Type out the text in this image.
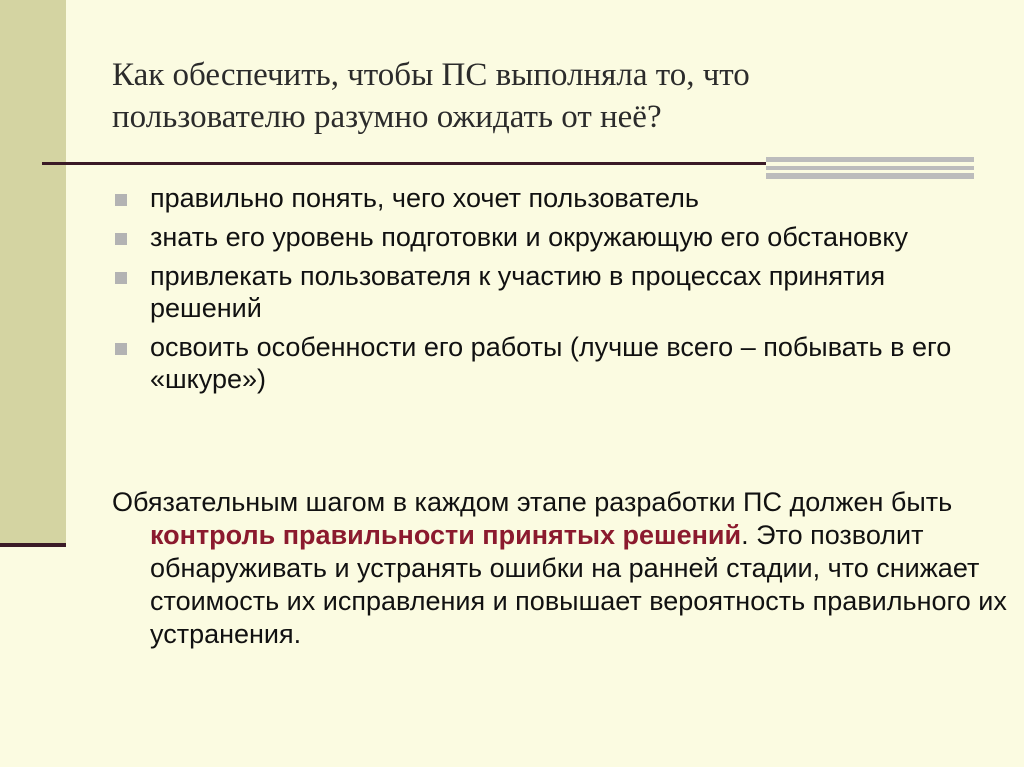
Как обеспечить, чтобы ПС выполняла то, что пользователю разумно ожидать от неё?
правильно понять, чего хочет пользователь
знать его уровень подготовки и окружающую его обстановку
привлекать пользователя к участию в процессах принятия решений
освоить особенности его работы (лучше всего – побывать в его «шкуре»)

Обязательным шагом в каждом этапе разработки ПС должен быть контроль правильности принятых решений. Это позволит обнаруживать и устранять ошибки на ранней стадии, что снижает стоимость их исправления и повышает вероятность правильного их устранения.
